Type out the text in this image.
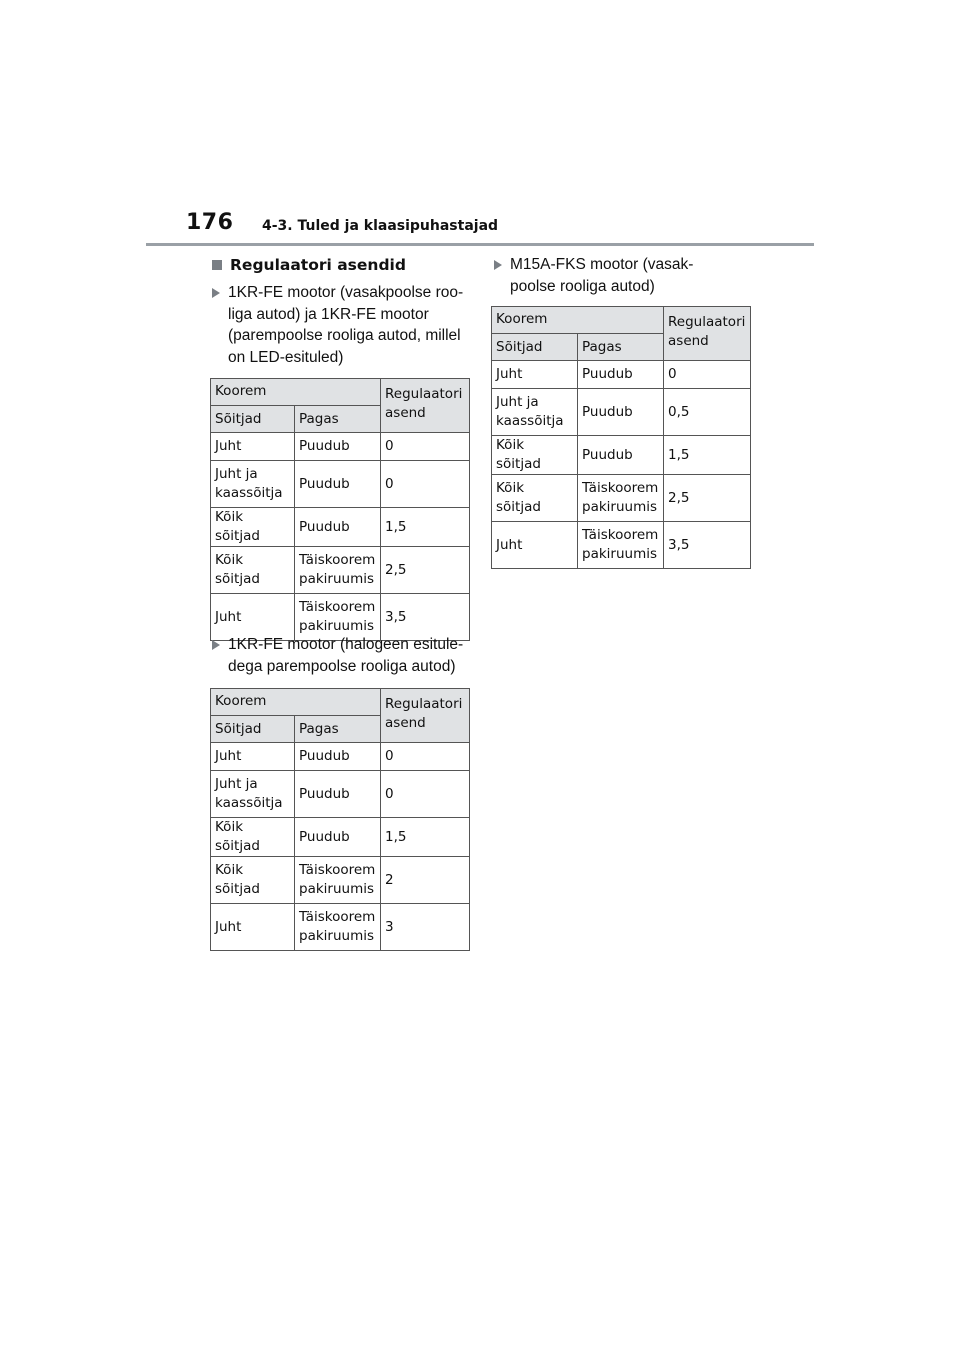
176 4-3. Tuled ja klaasipuhastajad
Regulaatori asendid
1KR-FE mootor (vasakpoolse roo-
liga autod) ja 1KR-FE mootor
(parempoolse rooliga autod, millel
on LED-esituled)
Koorem		Regulaatori
asend
Sõitjad	Pagas	
Juht	Puudub	0
Juht ja
kaassõitja	Puudub	0
Kõik sõitjad	Puudub	1,5
Kõik sõitjad	Täiskoorem
pakiruumis	2,5
Juht	Täiskoorem
pakiruumis	3,5
1KR-FE mootor (halogeen esitule-
dega parempoolse rooliga autod)
Koorem		Regulaatori
asend
Sõitjad	Pagas	
Juht	Puudub	0
Juht ja
kaassõitja	Puudub	0
Kõik sõitjad	Puudub	1,5
Kõik sõitjad	Täiskoorem
pakiruumis	2
Juht	Täiskoorem
pakiruumis	3
M15A-FKS mootor (vasak-
poolse rooliga autod)
Koorem		Regulaatori
asend
Sõitjad	Pagas	
Juht	Puudub	0
Juht ja
kaassõitja	Puudub	0,5
Kõik sõitjad	Puudub	1,5
Kõik sõitjad	Täiskoorem
pakiruumis	2,5
Juht	Täiskoorem
pakiruumis	3,5
